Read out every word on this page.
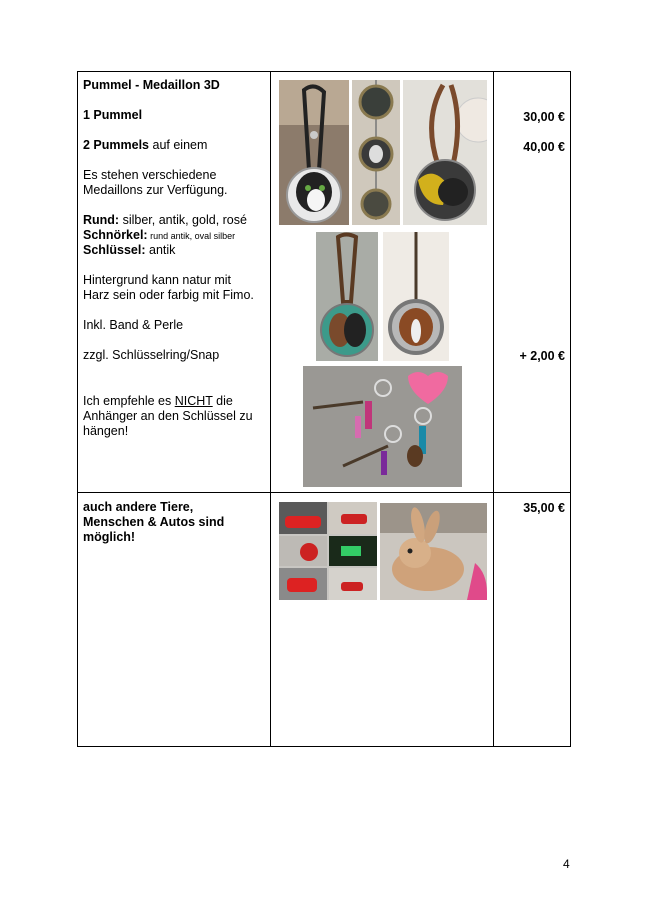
Pummel - Medaillon 3D
1 Pummel
2 Pummels auf einem
Es stehen verschiedene
Medaillons zur Verfügung.
Rund: silber, antik, gold, rosé
Schnörkel: rund antik, oval silber
Schlüssel: antik
Hintergrund kann natur mit
Harz sein oder farbig mit Fimo.
Inkl. Band & Perle
zzgl. Schlüsselring/Snap
Ich empfehle es NICHT die
Anhänger an den Schlüssel zu
hängen!
30,00 €
40,00 €
+ 2,00 €
auch andere Tiere,
Menschen & Autos sind
möglich!
35,00 €
4
